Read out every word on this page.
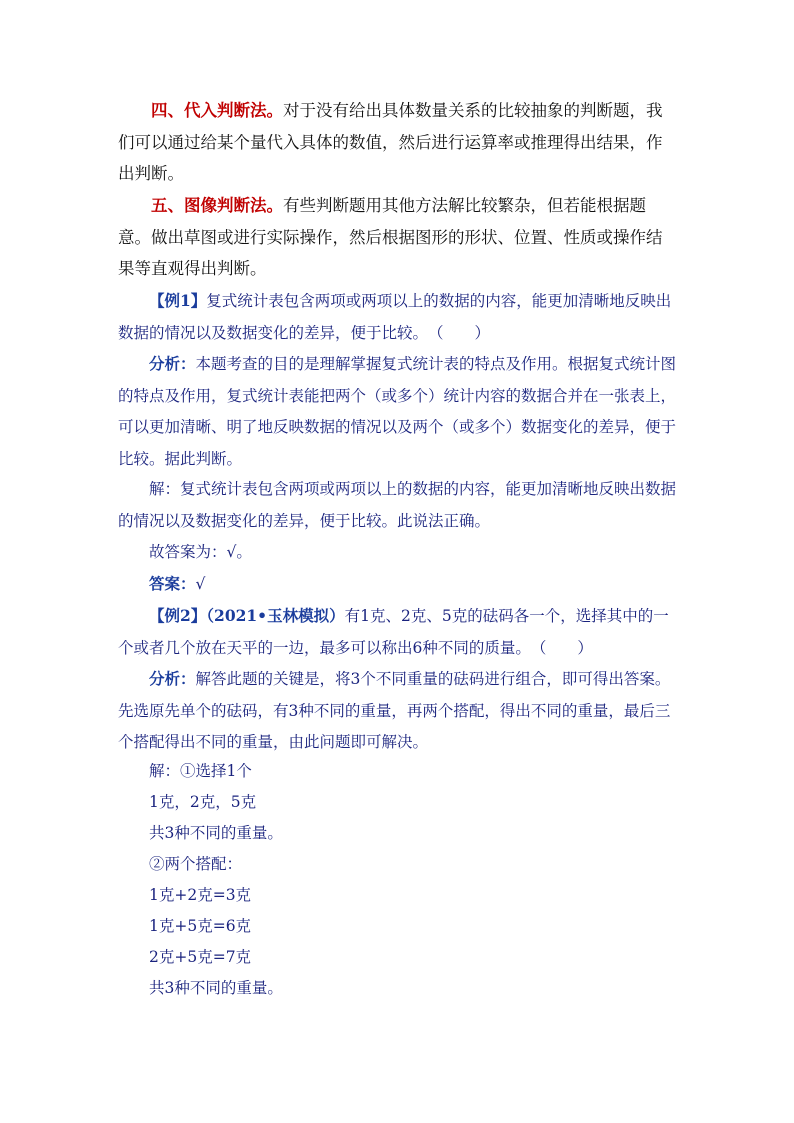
四、代入判断法。对于没有给出具体数量关系的比较抽象的判断题，我们可以通过给某个量代入具体的数值，然后进行运算率或推理得出结果，作出判断。

五、图像判断法。有些判断题用其他方法解比较繁杂，但若能根据题意。做出草图或进行实际操作，然后根据图形的形状、位置、性质或操作结果等直观得出判断。

【例1】复式统计表包含两项或两项以上的数据的内容，能更加清晰地反映出数据的情况以及数据变化的差异，便于比较。（　　）

分析：本题考查的目的是理解掌握复式统计表的特点及作用。根据复式统计图的特点及作用，复式统计表能把两个（或多个）统计内容的数据合并在一张表上，可以更加清晰、明了地反映数据的情况以及两个（或多个）数据变化的差异，便于比较。据此判断。

解：复式统计表包含两项或两项以上的数据的内容，能更加清晰地反映出数据的情况以及数据变化的差异，便于比较。此说法正确。

故答案为：√。

答案：√

【例2】（2021•玉林模拟）有1克、2克、5克的砝码各一个，选择其中的一个或者几个放在天平的一边，最多可以称出6种不同的质量。（　　）

分析：解答此题的关键是，将3个不同重量的砝码进行组合，即可得出答案。先选原先单个的砝码，有3种不同的重量，再两个搭配，得出不同的重量，最后三个搭配得出不同的重量，由此问题即可解决。

解：①选择1个

1克，2克，5克

共3种不同的重量。

②两个搭配：

1克+2克=3克

1克+5克=6克

2克+5克=7克

共3种不同的重量。
